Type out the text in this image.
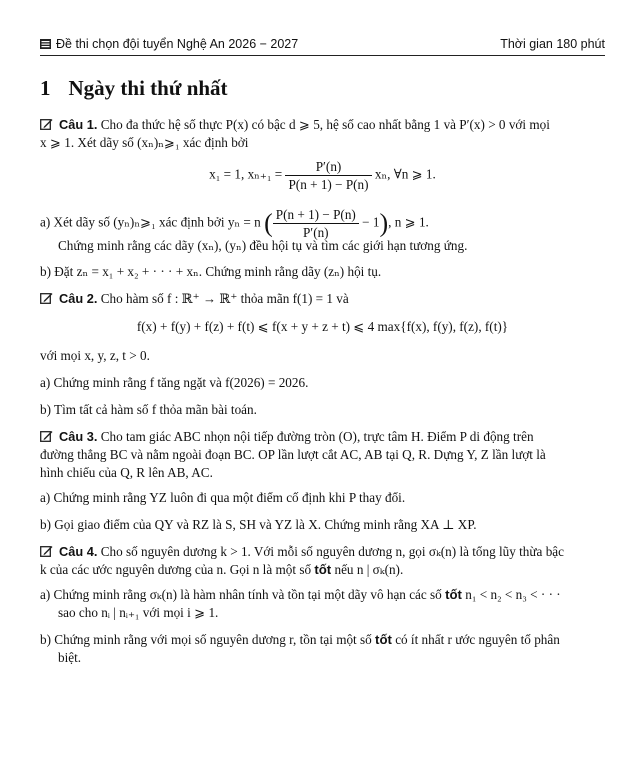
Đề thi chọn đội tuyển Nghệ An 2026 − 2027	Thời gian 180 phút
1 Ngày thi thứ nhất
Câu 1. Cho đa thức hệ số thực P(x) có bậc d ⩾ 5, hệ số cao nhất bằng 1 và P′(x) > 0 với mọi
x ⩾ 1. Xét dãy số (xₙ)ₙ⩾₁ xác định bởi
x₁ = 1, $x_{n+1} = \frac{P'(n)}{P(n + 1) - P(n)} x_n$, ∀n ⩾ 1.
a) Xét dãy số (yₙ)ₙ⩾₁ xác định bởi yₙ = n ( $\frac{P(n + 1) - P(n)}{P'(n)} - 1$), n ⩾ 1.
Chứng minh rằng các dãy (xₙ), (yₙ) đều hội tụ và tìm các giới hạn tương ứng.
b) Đặt zₙ = x₁ + x₂ + · · · + xₙ. Chứng minh rằng dãy (zₙ) hội tụ.
Câu 2. Cho hàm số f : ℝ⁺ → ℝ⁺ thỏa mãn f(1) = 1 và
f(x) + f(y) + f(z) + f(t) ⩽ f(x + y + z + t) ⩽ 4 max{f(x), f(y), f(z), f(t)}
với mọi x, y, z, t > 0.
a) Chứng minh rằng f tăng ngặt và f(2026) = 2026.
b) Tìm tất cả hàm số f thỏa mãn bài toán.
Câu 3. Cho tam giác ABC nhọn nội tiếp đường tròn (O), trực tâm H. Điểm P di động trên
đường thẳng BC và nằm ngoài đoạn BC. OP lần lượt cắt AC, AB tại Q, R. Dựng Y, Z lần lượt là
hình chiếu của Q, R lên AB, AC.
a) Chứng minh rằng YZ luôn đi qua một điểm cố định khi P thay đổi.
b) Gọi giao điểm của QY và RZ là S, SH và YZ là X. Chứng minh rằng XA ⊥ XP.
Câu 4. Cho số nguyên dương k > 1. Với mỗi số nguyên dương n, gọi σₖ(n) là tổng lũy thừa bậc
k của các ước nguyên dương của n. Gọi n là một số tốt nếu n | σₖ(n).
a) Chứng minh rằng σₖ(n) là hàm nhân tính và tồn tại một dãy vô hạn các số tốt n₁ < n₂ < n₃ < · · ·
sao cho nᵢ | nᵢ₊₁ với mọi i ⩾ 1.
b) Chứng minh rằng với mọi số nguyên dương r, tồn tại một số tốt có ít nhất r ước nguyên tố phân
biệt.
